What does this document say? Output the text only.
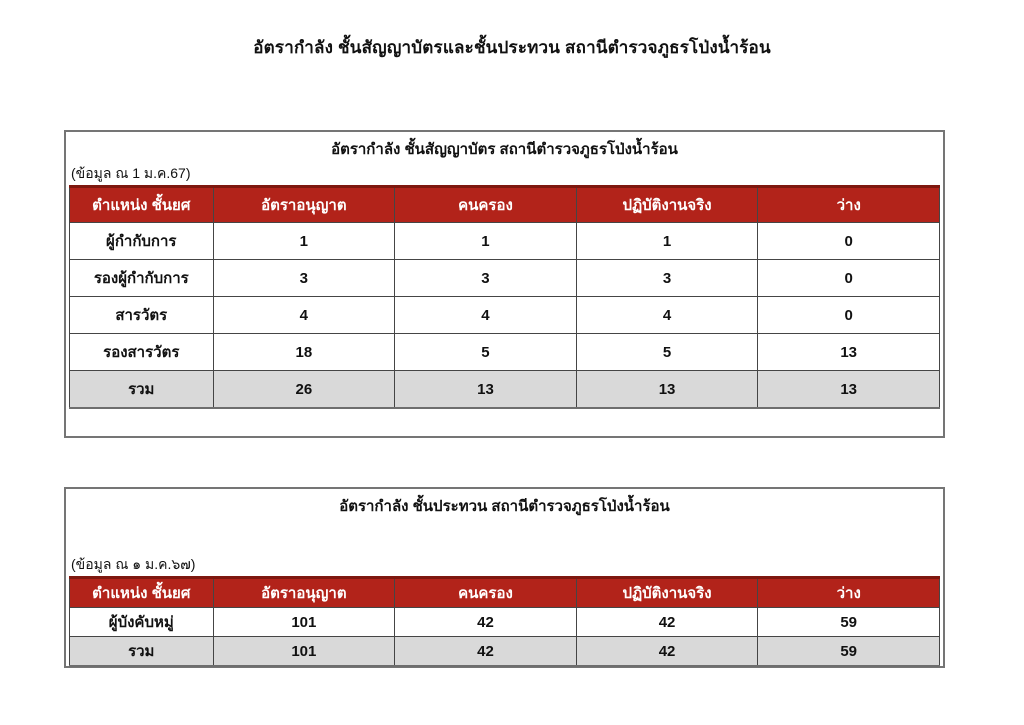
อัตรากำลัง ชั้นสัญญาบัตรและชั้นประทวน สถานีตำรวจภูธรโป่งน้ำร้อน
อัตรากำลัง ชั้นสัญญาบัตร สถานีตำรวจภูธรโป่งน้ำร้อน
(ข้อมูล ณ 1 ม.ค.67)
ตำแหน่ง ชั้นยศ	อัตราอนุญาต	คนครอง	ปฏิบัติงานจริง	ว่าง
ผู้กำกับการ	1	1	1	0
รองผู้กำกับการ	3	3	3	0
สารวัตร	4	4	4	0
รองสารวัตร	18	5	5	13
รวม	26	13	13	13
อัตรากำลัง ชั้นประทวน สถานีตำรวจภูธรโป่งน้ำร้อน
(ข้อมูล ณ ๑ ม.ค.๖๗)
ตำแหน่ง ชั้นยศ	อัตราอนุญาต	คนครอง	ปฏิบัติงานจริง	ว่าง
ผู้บังคับหมู่	101	42	42	59
รวม	101	42	42	59
